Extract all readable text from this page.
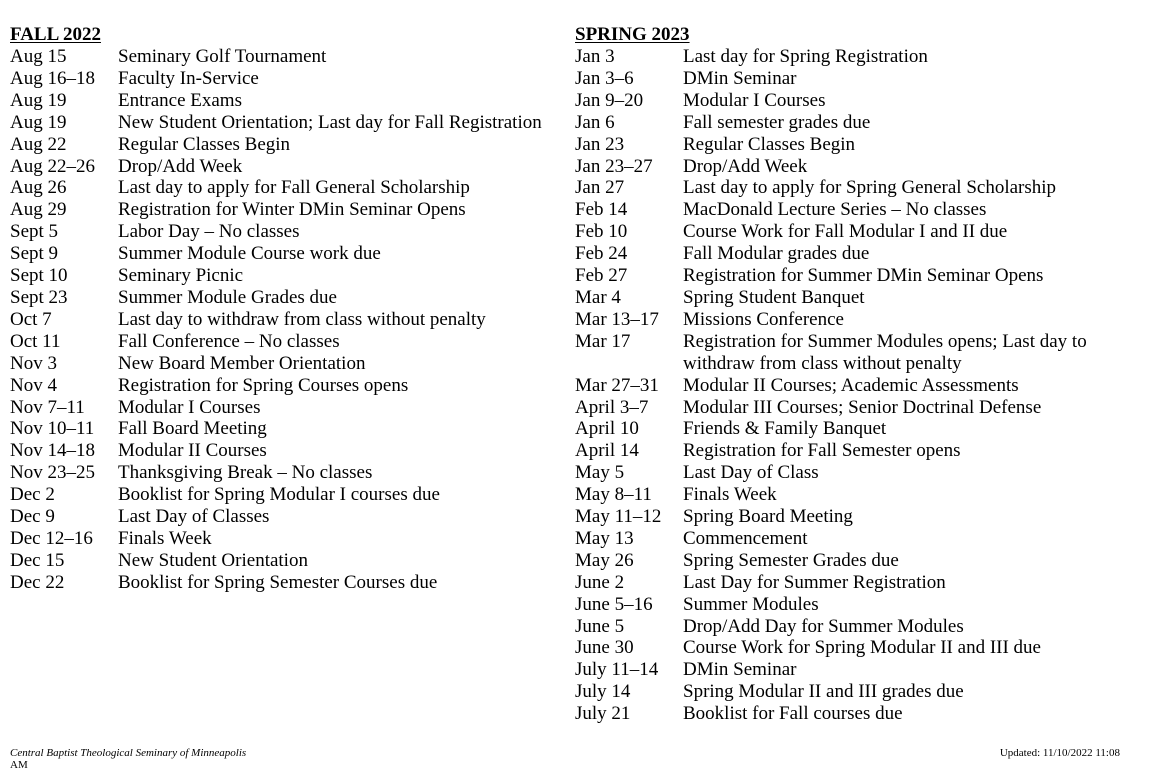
FALL 2022
Aug 15	Seminary Golf Tournament
Aug 16–18	Faculty In-Service
Aug 19	Entrance Exams
Aug 19	New Student Orientation; Last day for Fall Registration
Aug 22	Regular Classes Begin
Aug 22–26	Drop/Add Week
Aug 26	Last day to apply for Fall General Scholarship
Aug 29	Registration for Winter DMin Seminar Opens
Sept 5	Labor Day – No classes
Sept 9	Summer Module Course work due
Sept 10	Seminary Picnic
Sept 23	Summer Module Grades due
Oct 7	Last day to withdraw from class without penalty
Oct 11	Fall Conference – No classes
Nov 3	New Board Member Orientation
Nov 4	Registration for Spring Courses opens
Nov 7–11	Modular I Courses
Nov 10–11	Fall Board Meeting
Nov 14–18	Modular II Courses
Nov 23–25	Thanksgiving Break – No classes
Dec 2	Booklist for Spring Modular I courses due
Dec 9	Last Day of Classes
Dec 12–16	Finals Week
Dec 15	New Student Orientation
Dec 22	Booklist for Spring Semester Courses due
SPRING 2023
Jan 3	Last day for Spring Registration
Jan 3–6	DMin Seminar
Jan 9–20	Modular I Courses
Jan 6	Fall semester grades due
Jan 23	Regular Classes Begin
Jan 23–27	Drop/Add Week
Jan 27	Last day to apply for Spring General Scholarship
Feb 14	MacDonald Lecture Series – No classes
Feb 10	Course Work for Fall Modular I and II due
Feb 24	Fall Modular grades due
Feb 27	Registration for Summer DMin Seminar Opens
Mar 4	Spring Student Banquet
Mar 13–17	Missions Conference
Mar 17	Registration for Summer Modules opens; Last day to withdraw from class without penalty
Mar 27–31	Modular II Courses; Academic Assessments
April 3–7	Modular III Courses; Senior Doctrinal Defense
April 10	Friends & Family Banquet
April 14	Registration for Fall Semester opens
May 5	Last Day of Class
May 8–11	Finals Week
May 11–12	Spring Board Meeting
May 13	Commencement
May 26	Spring Semester Grades due
June 2	Last Day for Summer Registration
June 5–16	Summer Modules
June 5	Drop/Add Day for Summer Modules
June 30	Course Work for Spring Modular II and III due
July 11–14	DMin Seminar
July 14	Spring Modular II and III grades due
July 21	Booklist for Fall courses due
Central Baptist Theological Seminary of Minneapolis
AM
Updated: 11/10/2022 11:08
